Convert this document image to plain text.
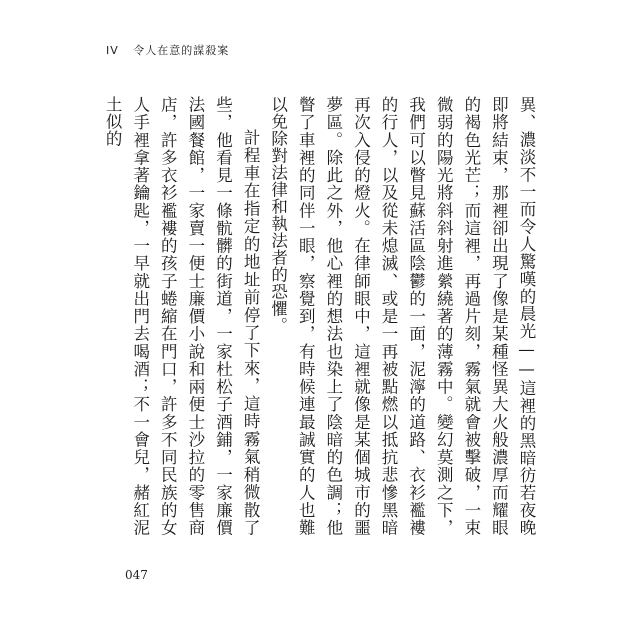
IV 令人在意的謀殺案

異、濃淡不一而令人驚嘆的晨光——這裡的黑暗彷若夜晚即將結束，那裡卻出現了像是某種怪異大火般濃厚而耀眼的褐色光芒；而這裡，再過片刻，霧氣就會被擊破，一束微弱的陽光將斜斜射進縈繞著的薄霧中。變幻莫測之下，我們可以瞥見蘇活區陰鬱的一面，泥濘的道路、衣衫襤褸的行人，以及從未熄滅、或是一再被點燃以抵抗悲慘黑暗再次入侵的燈火。在律師眼中，這裡就像是某個城市的噩夢區。除此之外，他心裡的想法也染上了陰暗的色調；他瞥了車裡的同伴一眼，察覺到，有時候連最誠實的人也難以免除對法律和執法者的恐懼。

計程車在指定的地址前停了下來，這時霧氣稍微散了些，他看見一條骯髒的街道，一家杜松子酒鋪，一家廉價法國餐館，一家賣一便士廉價小說和兩便士沙拉的零售商店，許多衣衫襤褸的孩子蜷縮在門口，許多不同民族的女人手裡拿著鑰匙，一早就出門去喝酒；不一會兒，赭紅泥土似的

047
